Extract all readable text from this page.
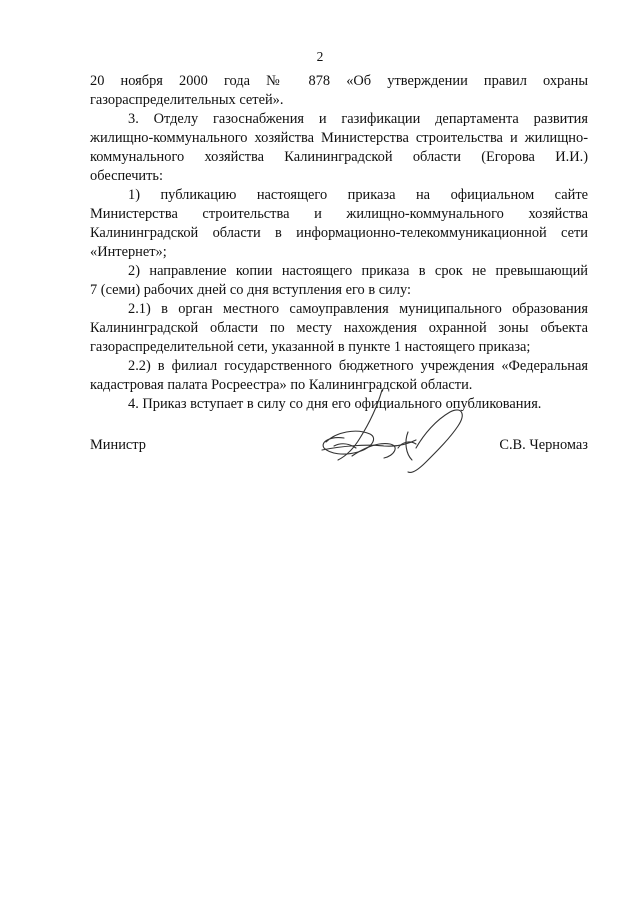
2

20 ноября 2000 года № 878 «Об утверждении правил охраны

газораспределительных сетей».

3. Отделу газоснабжения и газификации департамента развития

жилищно-коммунального хозяйства Министерства строительства и жилищно-

коммунального хозяйства Калининградской области (Егорова И.И.)

обеспечить:

1) публикацию настоящего приказа на официальном сайте

Министерства строительства и жилищно-коммунального хозяйства

Калининградской области в информационно-телекоммуникационной сети

«Интернет»;

2) направление копии настоящего приказа в срок не превышающий

7 (семи) рабочих дней со дня вступления его в силу:

2.1) в орган местного самоуправления муниципального образования

Калининградской области по месту нахождения охранной зоны объекта

газораспределительной сети, указанной в пункте 1 настоящего приказа;

2.2) в филиал государственного бюджетного учреждения «Федеральная

кадастровая палата Росреестра» по Калининградской области.

4. Приказ вступает в силу со дня его официального опубликования.

Министр	С.В. Черномаз
